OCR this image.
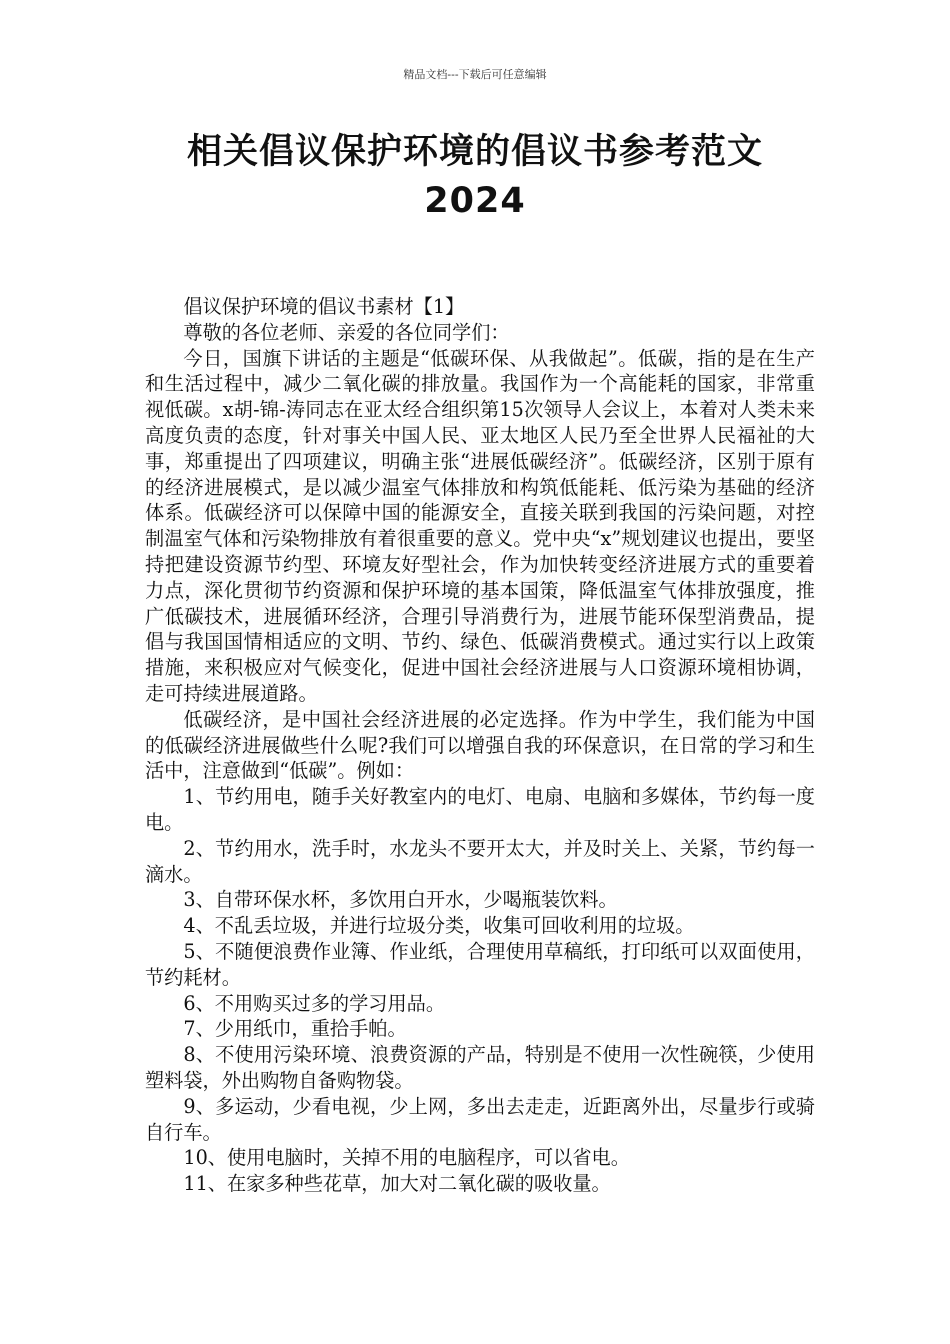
精品文档---下载后可任意编辑
相关倡议保护环境的倡议书参考范文
2024

倡议保护环境的倡议书素材【1】

尊敬的各位老师、亲爱的各位同学们：

今日，国旗下讲话的主题是“低碳环保、从我做起”。低碳，指的是在生产和生活过程中，减少二氧化碳的排放量。我国作为一个高能耗的国家，非常重视低碳。x胡-锦-涛同志在亚太经合组织第15次领导人会议上，本着对人类未来高度负责的态度，针对事关中国人民、亚太地区人民乃至全世界人民福祉的大事，郑重提出了四项建议，明确主张“进展低碳经济”。低碳经济，区别于原有的经济进展模式，是以减少温室气体排放和构筑低能耗、低污染为基础的经济体系。低碳经济可以保障中国的能源安全，直接关联到我国的污染问题，对控制温室气体和污染物排放有着很重要的意义。党中央“x”规划建议也提出，要坚持把建设资源节约型、环境友好型社会，作为加快转变经济进展方式的重要着力点，深化贯彻节约资源和保护环境的基本国策，降低温室气体排放强度，推广低碳技术，进展循环经济，合理引导消费行为，进展节能环保型消费品，提倡与我国国情相适应的文明、节约、绿色、低碳消费模式。通过实行以上政策措施，来积极应对气候变化，促进中国社会经济进展与人口资源环境相协调，走可持续进展道路。

低碳经济，是中国社会经济进展的必定选择。作为中学生，我们能为中国的低碳经济进展做些什么呢?我们可以增强自我的环保意识，在日常的学习和生活中，注意做到“低碳”。例如：

1、节约用电，随手关好教室内的电灯、电扇、电脑和多媒体，节约每一度电。

2、节约用水，洗手时，水龙头不要开太大，并及时关上、关紧，节约每一滴水。

3、自带环保水杯，多饮用白开水，少喝瓶装饮料。

4、不乱丢垃圾，并进行垃圾分类，收集可回收利用的垃圾。

5、不随便浪费作业簿、作业纸，合理使用草稿纸，打印纸可以双面使用，节约耗材。

6、不用购买过多的学习用品。

7、少用纸巾，重拾手帕。

8、不使用污染环境、浪费资源的产品，特别是不使用一次性碗筷，少使用塑料袋，外出购物自备购物袋。

9、多运动，少看电视，少上网，多出去走走，近距离外出，尽量步行或骑自行车。

10、使用电脑时，关掉不用的电脑程序，可以省电。

11、在家多种些花草，加大对二氧化碳的吸收量。
